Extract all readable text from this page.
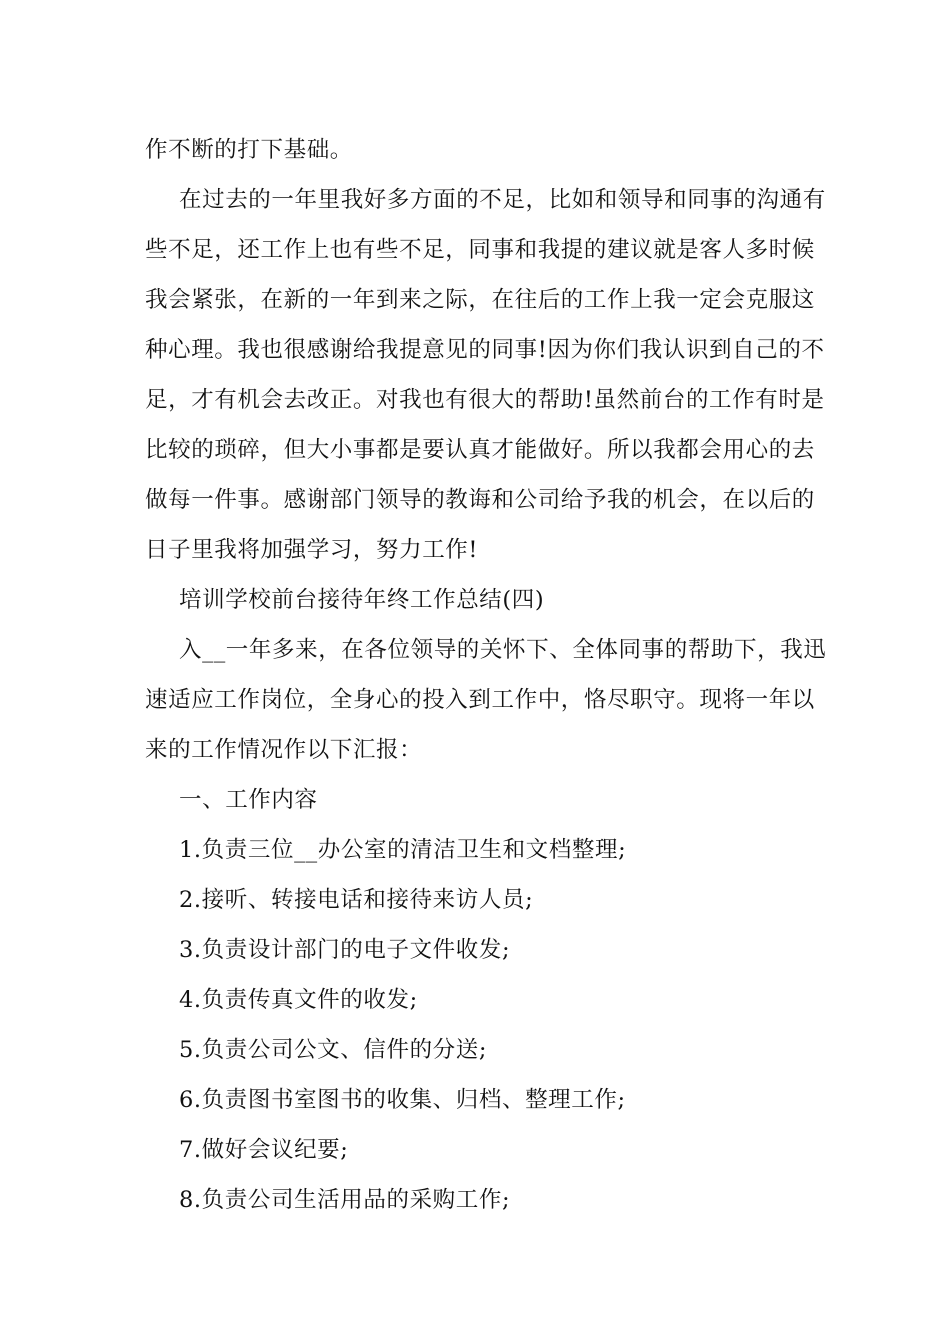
作不断的打下基础。
在过去的一年里我好多方面的不足，比如和领导和同事的沟通有
些不足，还工作上也有些不足，同事和我提的建议就是客人多时候
我会紧张，在新的一年到来之际，在往后的工作上我一定会克服这
种心理。我也很感谢给我提意见的同事!因为你们我认识到自己的不
足，才有机会去改正。对我也有很大的帮助!虽然前台的工作有时是
比较的琐碎，但大小事都是要认真才能做好。所以我都会用心的去
做每一件事。感谢部门领导的教诲和公司给予我的机会，在以后的
日子里我将加强学习，努力工作!
培训学校前台接待年终工作总结(四)
入__一年多来，在各位领导的关怀下、全体同事的帮助下，我迅
速适应工作岗位，全身心的投入到工作中，恪尽职守。现将一年以
来的工作情况作以下汇报：
一、工作内容
1.负责三位__办公室的清洁卫生和文档整理;
2.接听、转接电话和接待来访人员;
3.负责设计部门的电子文件收发;
4.负责传真文件的收发;
5.负责公司公文、信件的分送;
6.负责图书室图书的收集、归档、整理工作;
7.做好会议纪要;
8.负责公司生活用品的采购工作;
